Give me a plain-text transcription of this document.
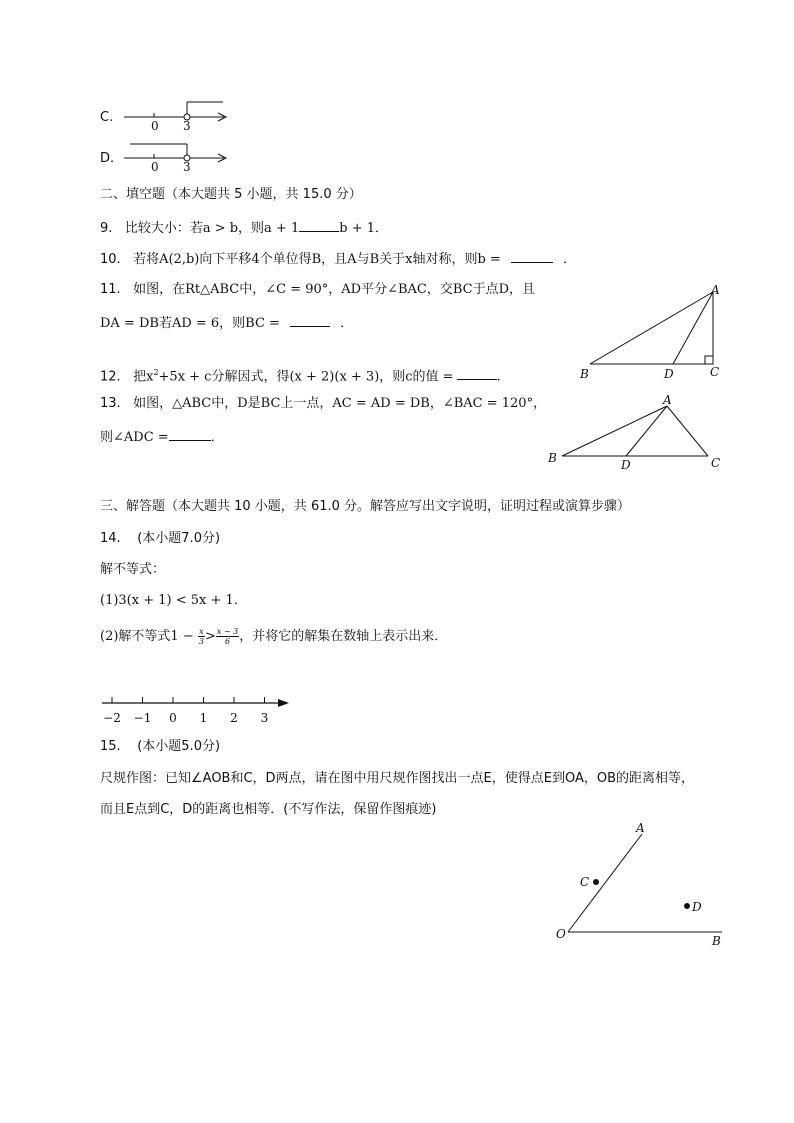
C.
0 3
D.
0 3
二、填空题（本大题共 5 小题，共 15.0 分）
9. 比较大小：若a > b，则a + 1	b + 1．
10. 若将A(2,b)向下平移4个单位得B，且A与B关于x轴对称，则b =	．
11. 如图，在Rt△ABC中，∠C = 90°，AD平分∠BAC，交BC于点D，且
DA = DB若AD = 6，则BC =	．
A
B	D	C
12. 把$x^2+5x + c$分解因式，得(x + 2)(x + 3)，则c的值 =	.
13. 如图，△ABC中，D是BC上一点，AC = AD = DB，∠BAC = 120°，
则∠ADC =	．
A
B	D	C
三、解答题（本大题共 10 小题，共 61.0 分。解答应写出文字说明，证明过程或演算步骤）
14. (本小题7.0分)
解不等式：
(1)3(x + 1) < 5x + 1．
(2)解不等式$1 - \frac{x}{3} > \frac{x - 3}{6}$ ，并将它的解集在数轴上表示出来．
−2 −1 0 1 2 3
15. (本小题5.0分)
尺规作图：已知∠AOB和C，D两点，请在图中用尺规作图找出一点E，使得点E到OA，OB的距离相等，
而且E点到C，D的距离也相等．(不写作法，保留作图痕迹)
A
B
C
D
O
